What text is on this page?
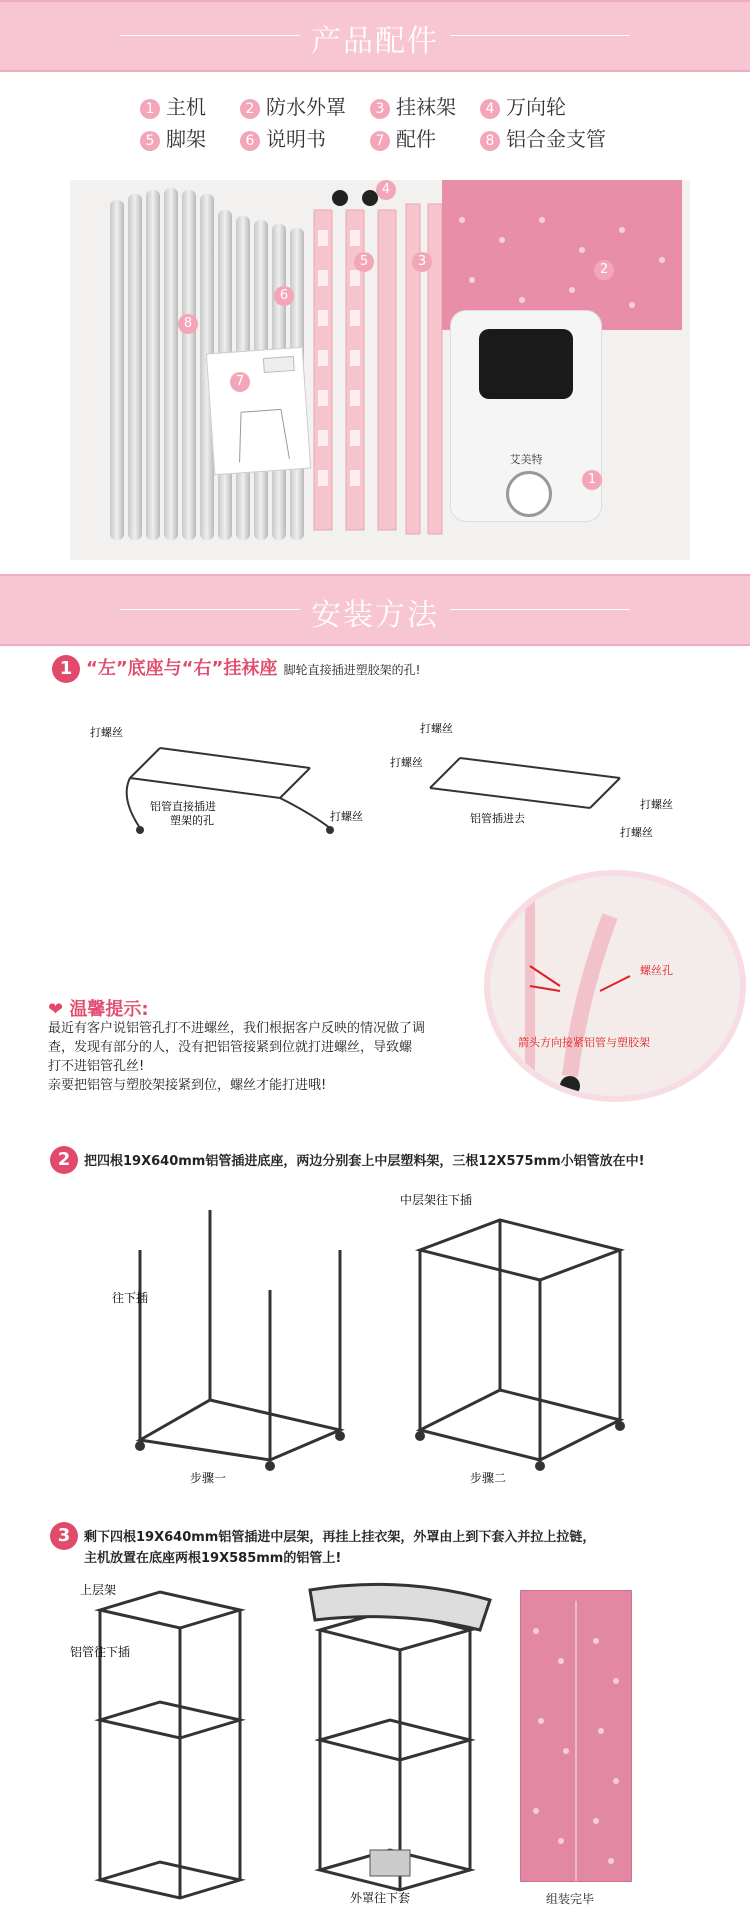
产品配件
1 主机	2 防水外罩	3 挂袜架	4 万向轮
5 脚架	6 说明书	7 配件	8 铝合金支管
8
6
7
5
4
3
2
艾美特
1
安装方法
1 “左”底座与“右”挂袜座 脚轮直接插进塑胶架的孔!
铝管直接插进
塑架的孔
打螺丝
打螺丝
打螺丝
打螺丝
铝管插进去
打螺丝
打螺丝
螺丝孔
箭头方向接紧铝管与塑胶架
❤ 温馨提示:
最近有客户说铝管孔打不进螺丝，我们根据客户反映的情况做了调
查，发现有部分的人，没有把铝管接紧到位就打进螺丝，导致螺
打不进铝管孔丝!
亲要把铝管与塑胶架接紧到位，螺丝才能打进哦!
2 把四根19X640mm铝管插进底座，两边分别套上中层塑料架，三根12X575mm小铝管放在中!
往下插
步骤一
中层架往下插
步骤二
3 剩下四根19X640mm铝管插进中层架，再挂上挂衣架，外罩由上到下套入并拉上拉链，
主机放置在底座两根19X585mm的铝管上!
上层架
铝管往下插
外罩往下套	组装完毕
